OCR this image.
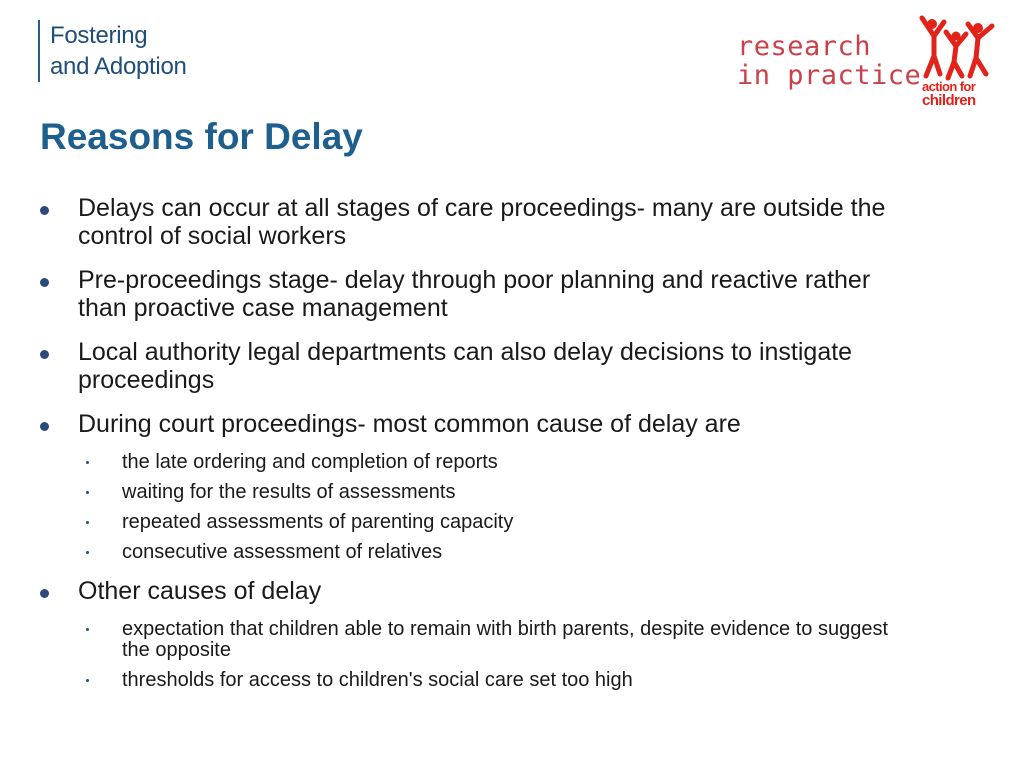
Fostering
and Adoption
research
in practice action for
children
Reasons for Delay
Delays can occur at all stages of care proceedings- many are outside the control of social workers
Pre-proceedings stage- delay through poor planning and reactive rather than proactive case management
Local authority legal departments can also delay decisions to instigate proceedings
During court proceedings- most common cause of delay are
the late ordering and completion of reports
waiting for the results of assessments
repeated assessments of parenting capacity
consecutive assessment of relatives
Other causes of delay
expectation that children able to remain with birth parents, despite evidence to suggest the opposite
thresholds for access to children's social care set too high
